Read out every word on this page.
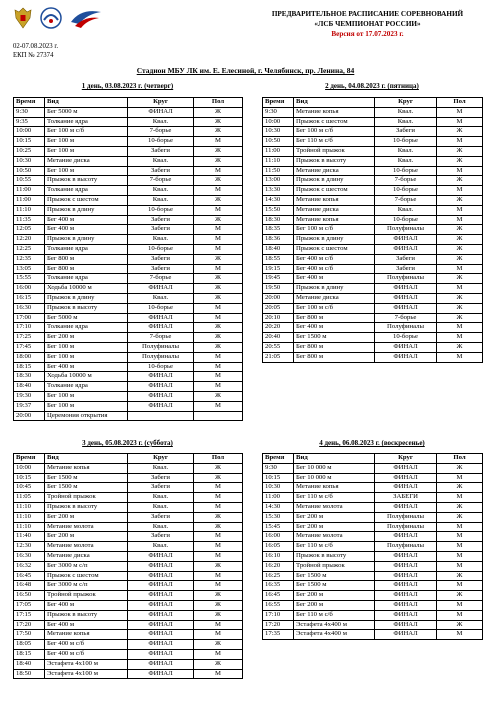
ПРЕДВАРИТЕЛЬНОЕ РАСПИСАНИЕ СОРЕВНОВАНИЙ
«ЛСБ ЧЕМПИОНАТ РОССИИ»
Версия от 17.07.2023 г.
02-07.08.2023 г.
ЕКП № 27374
Стадион МБУ ЛК им. Е. Елесиной, г. Челябинск, пр. Ленина, 84
1 день, 03.08.2023 г. (четверг)	2 день, 04.08.2023 г. (пятница)
3 день, 05.08.2023 г. (суббота)	4 день, 06.08.2023 г. (воскресенье)
Время	Вид	Круг	Пол
9:30	Бег 5000 м	ФИНАЛ	Ж
9:35	Толкание ядра	Квал.	Ж
10:00	Бег 100 м с/б	7-борье	Ж
10:15	Бег 100 м	10-борье	М
10:25	Бег 100 м	Забеги	Ж
10:30	Метание диска	Квал.	Ж
10:50	Бег 100 м	Забеги	М
10:55	Прыжок в высоту	7-борье	Ж
11:00	Толкание ядра	Квал.	М
11:00	Прыжок с шестом	Квал.	Ж
11:10	Прыжок в длину	10-борье	М
11:35	Бег 400 м	Забеги	Ж
12:05	Бег 400 м	Забеги	М
12:20	Прыжок в длину	Квал.	М
12:25	Толкание ядра	10-борье	М
12:35	Бег 800 м	Забеги	Ж
13:05	Бег 800 м	Забеги	М
15:55	Толкание ядра	7-борье	Ж
16:00	Ходьба 10000 м	ФИНАЛ	Ж
16:15	Прыжок в длину	Квал.	Ж
16:30	Прыжок в высоту	10-борье	М
17:00	Бег 5000 м	ФИНАЛ	М
17:10	Толкание ядра	ФИНАЛ	Ж
17:25	Бег 200 м	7-борье	Ж
17:45	Бег 100 м	Полуфиналы	Ж
18:00	Бег 100 м	Полуфиналы	М
18:15	Бег 400 м	10-борье	М
18:30	Ходьба 10000 м	ФИНАЛ	М
18:40	Толкание ядра	ФИНАЛ	М
19:30	Бег 100 м	ФИНАЛ	Ж
19:37	Бег 100 м	ФИНАЛ	М
20:00	Церемония открытия		
Время	Вид	Круг	Пол
9:30	Метание копья	Квал.	М
10:00	Прыжок с шестом	Квал.	М
10:30	Бег 100 м с/б	Забеги	Ж
10:50	Бег 110 м с/б	10-борье	М
11:00	Тройной прыжок	Квал.	Ж
11:10	Прыжок в высоту	Квал.	Ж
11:50	Метание диска	10-борье	М
13:00	Прыжок в длину	7-борье	Ж
13:30	Прыжок с шестом	10-борье	М
14:30	Метание копья	7-борье	Ж
15:50	Метание диска	Квал.	М
18:30	Метание копья	10-борье	М
18:35	Бег 100 м с/б	Полуфиналы	Ж
18:36	Прыжок в длину	ФИНАЛ	Ж
18:40	Прыжок с шестом	ФИНАЛ	Ж
18:55	Бег 400 м с/б	Забеги	Ж
19:15	Бег 400 м с/б	Забеги	М
19:45	Бег 400 м	Полуфиналы	Ж
19:50	Прыжок в длину	ФИНАЛ	М
20:00	Метание диска	ФИНАЛ	Ж
20:05	Бег 100 м с/б	ФИНАЛ	Ж
20:10	Бег 800 м	7-борье	Ж
20:20	Бег 400 м	Полуфиналы	М
20:40	Бег 1500 м	10-борье	М
20:55	Бег 800 м	ФИНАЛ	Ж
21:05	Бег 800 м	ФИНАЛ	М
Время	Вид	Круг	Пол
10:00	Метание копья	Квал.	Ж
10:15	Бег 1500 м	Забеги	Ж
10:45	Бег 1500 м	Забеги	М
11:05	Тройной прыжок	Квал.	М
11:10	Прыжок в высоту	Квал.	М
11:10	Бег 200 м	Забеги	Ж
11:10	Метание молота	Квал.	Ж
11:40	Бег 200 м	Забеги	М
12:30	Метание молота	Квал.	М
16:30	Метание диска	ФИНАЛ	М
16:32	Бег 3000 м с/п	ФИНАЛ	Ж
16:45	Прыжок с шестом	ФИНАЛ	М
16:48	Бег 3000 м с/п	ФИНАЛ	М
16:50	Тройной прыжок	ФИНАЛ	Ж
17:05	Бег 400 м	ФИНАЛ	Ж
17:15	Прыжок в высоту	ФИНАЛ	Ж
17:20	Бег 400 м	ФИНАЛ	М
17:50	Метание копья	ФИНАЛ	М
18:05	Бег 400 м с/б	ФИНАЛ	Ж
18:15	Бег 400 м с/б	ФИНАЛ	М
18:40	Эстафета 4х100 м	ФИНАЛ	Ж
18:50	Эстафета 4х100 м	ФИНАЛ	М
Время	Вид	Круг	Пол
9:30	Бег 10 000 м	ФИНАЛ	Ж
10:15	Бег 10 000 м	ФИНАЛ	М
10:30	Метание копья	ФИНАЛ	Ж
11:00	Бег 110 м с/б	ЗАБЕГИ	М
14:30	Метание молота	ФИНАЛ	Ж
15:30	Бег 200 м	Полуфиналы	Ж
15:45	Бег 200 м	Полуфиналы	М
16:00	Метание молота	ФИНАЛ	М
16:05	Бег 110 м с/б	Полуфиналы	М
16:10	Прыжок в высоту	ФИНАЛ	М
16:20	Тройной прыжок	ФИНАЛ	М
16:25	Бег 1500 м	ФИНАЛ	Ж
16:35	Бег 1500 м	ФИНАЛ	М
16:45	Бег 200 м	ФИНАЛ	Ж
16:55	Бег 200 м	ФИНАЛ	М
17:10	Бег 110 м с/б	ФИНАЛ	М
17:20	Эстафета 4х400 м	ФИНАЛ	Ж
17:35	Эстафета 4х400 м	ФИНАЛ	М
